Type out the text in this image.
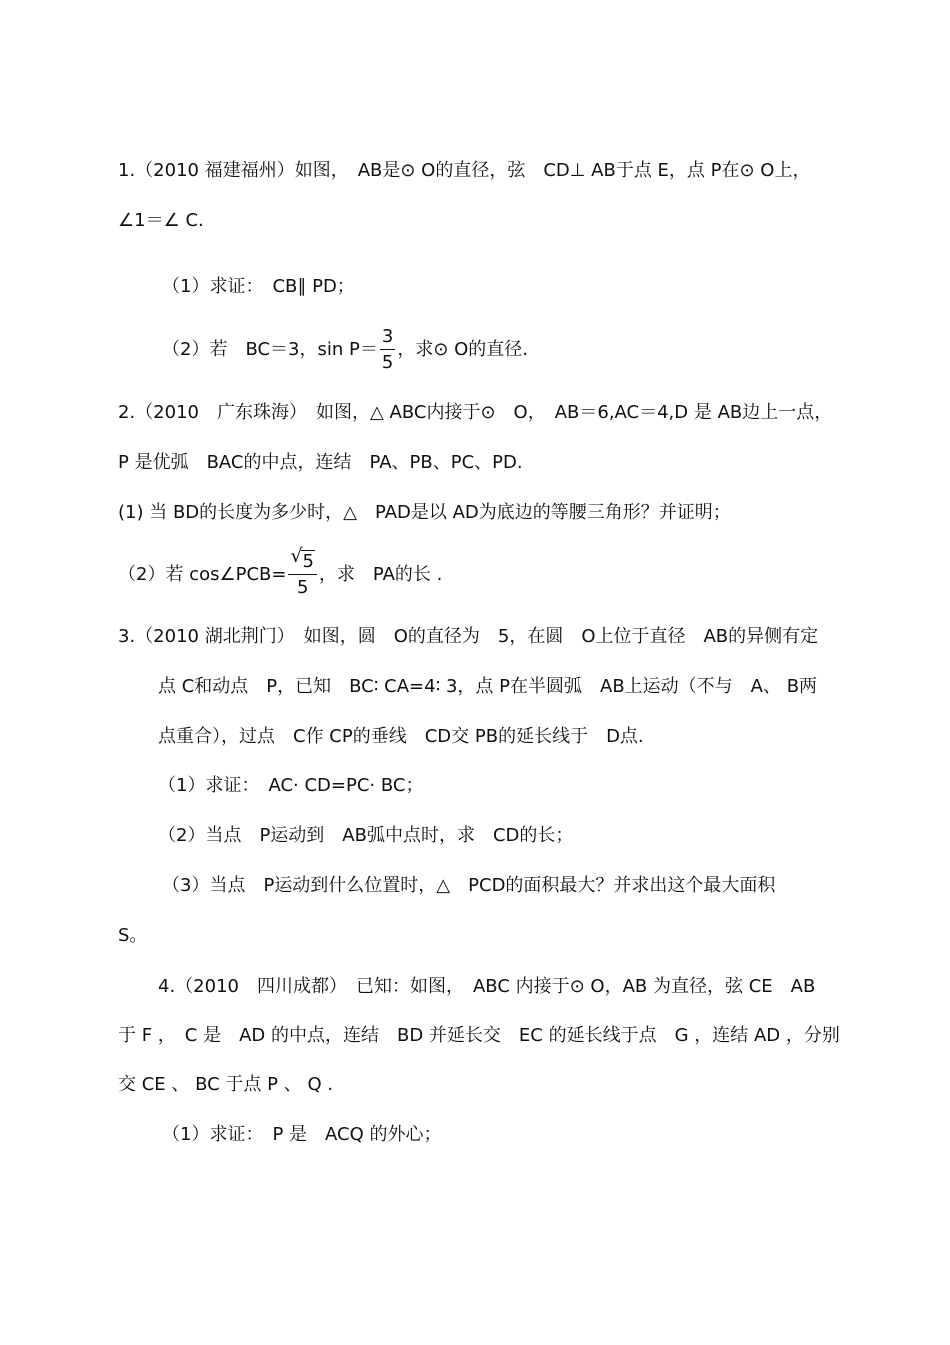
1.（2010 福建福州）如图，　AB是⊙ O的直径，弦　CD⊥ AB于点 E，点 P在⊙ O上，
∠1＝∠ C.
（1）求证：　CB∥ PD；
（2）若　BC＝3，$\sin P= \frac{3}{5}$ ，求⊙ O的直径.
2.（2010　广东珠海）　如图，△ ABC内接于⊙　O，　AB＝6,AC＝4,D 是 AB边上一点，
P 是优弧　BAC的中点，连结　PA、PB、PC、PD.
(1) 当 BD的长度为多少时，△　PAD是以 AD为底边的等腰三角形？并证明；
（2）若 cos∠PCB= $\frac{√ 5}{5}$ ，求　PA的长 .
3.（2010 湖北荆门）　如图，圆　O的直径为　5，在圆　O上位于直径　AB的异侧有定
点 C和动点　P，已知　BC∶ CA=4∶ 3，点 P在半圆弧　AB上运动（不与　A、 B两
点重合），过点　C作 CP的垂线　CD交 PB的延长线于　D点.
（1）求证：　AC· CD=PC· BC；
（2）当点　P运动到　AB弧中点时，求　CD的长；
（3）当点　P运动到什么位置时，△　PCD的面积最大？并求出这个最大面积
S。
4.（2010　四川成都）　已知：如图，　ABC 内接于⊙ O，AB 为直径，弦 CE　AB
于 F ，　C 是　AD 的中点，连结　BD 并延长交　EC 的延长线于点　G ，连结 AD ，分别
交 CE 、 BC 于点 P 、 Q .
（1）求证：　P 是　ACQ 的外心；
